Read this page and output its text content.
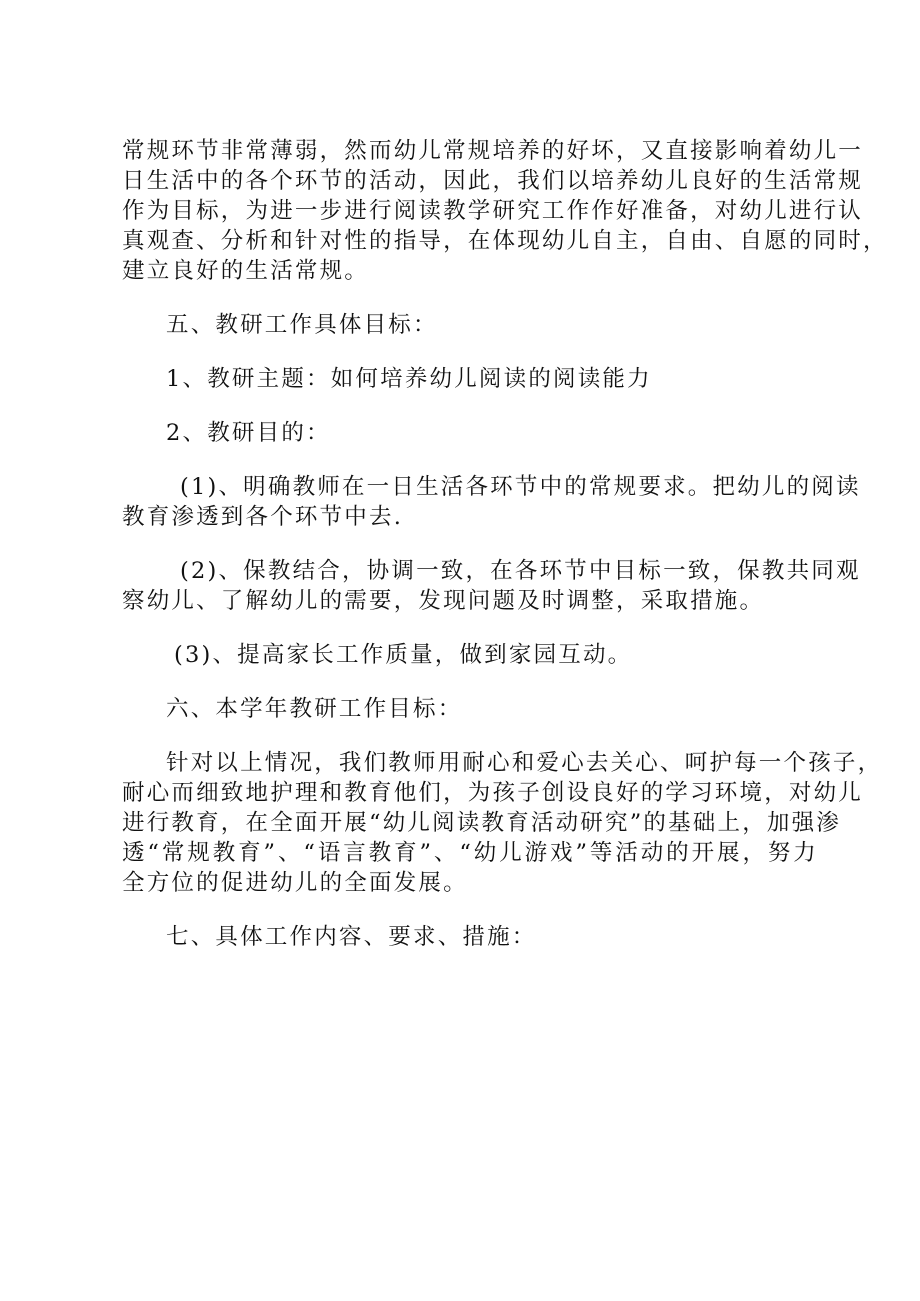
常规环节非常薄弱，然而幼儿常规培养的好坏，又直接影响着幼儿一
日生活中的各个环节的活动，因此，我们以培养幼儿良好的生活常规
作为目标，为进一步进行阅读教学研究工作作好准备，对幼儿进行认
真观查、分析和针对性的指导，在体现幼儿自主，自由、自愿的同时，
建立良好的生活常规。
五、教研工作具体目标：
1、教研主题：如何培养幼儿阅读的阅读能力
2、教研目的：
(1)、明确教师在一日生活各环节中的常规要求。把幼儿的阅读
教育渗透到各个环节中去.
(2)、保教结合，协调一致，在各环节中目标一致，保教共同观
察幼儿、了解幼儿的需要，发现问题及时调整，采取措施。
(3)、提高家长工作质量，做到家园互动。
六、本学年教研工作目标：
针对以上情况，我们教师用耐心和爱心去关心、呵护每一个孩子，
耐心而细致地护理和教育他们，为孩子创设良好的学习环境，对幼儿
进行教育，在全面开展“幼儿阅读教育活动研究”的基础上，加强渗
透“常规教育”、“语言教育”、“幼儿游戏”等活动的开展，努力
全方位的促进幼儿的全面发展。
七、具体工作内容、要求、措施：
